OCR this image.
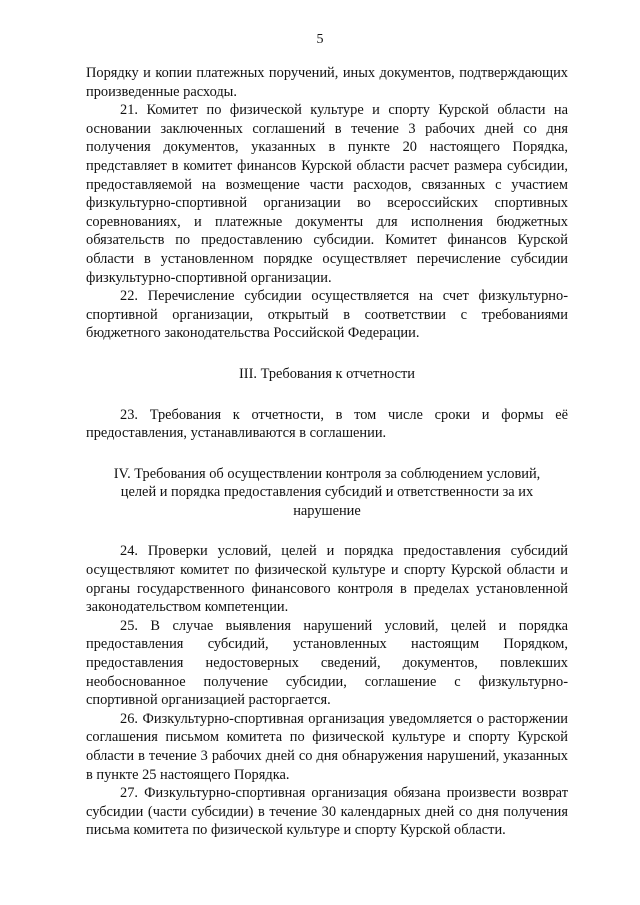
5

Порядку и копии платежных поручений, иных документов, подтверждающих произведенные расходы.

21. Комитет по физической культуре и спорту Курской области на основании заключенных соглашений в течение 3 рабочих дней со дня получения документов, указанных в пункте 20 настоящего Порядка, представляет в комитет финансов Курской области расчет размера субсидии, предоставляемой на возмещение части расходов, связанных с участием физкультурно-спортивной организации во всероссийских спортивных соревнованиях, и платежные документы для исполнения бюджетных обязательств по предоставлению субсидии. Комитет финансов Курской области в установленном порядке осуществляет перечисление субсидии физкультурно-спортивной организации.

22. Перечисление субсидии осуществляется на счет физкультурно-спортивной организации, открытый в соответствии с требованиями бюджетного законодательства Российской Федерации.

III. Требования к отчетности

23. Требования к отчетности, в том числе сроки и формы её предоставления, устанавливаются в соглашении.

IV. Требования об осуществлении контроля за соблюдением условий, целей и порядка предоставления субсидий и ответственности за их нарушение

24. Проверки условий, целей и порядка предоставления субсидий осуществляют комитет по физической культуре и спорту Курской области и органы государственного финансового контроля в пределах установленной законодательством компетенции.

25. В случае выявления нарушений условий, целей и порядка предоставления субсидий, установленных настоящим Порядком, предоставления недостоверных сведений, документов, повлекших необоснованное получение субсидии, соглашение с физкультурно-спортивной организацией расторгается.

26. Физкультурно-спортивная организация уведомляется о расторжении соглашения письмом комитета по физической культуре и спорту Курской области в течение 3 рабочих дней со дня обнаружения нарушений, указанных в пункте 25 настоящего Порядка.

27. Физкультурно-спортивная организация обязана произвести возврат субсидии (части субсидии) в течение 30 календарных дней со дня получения письма комитета по физической культуре и спорту Курской области.
